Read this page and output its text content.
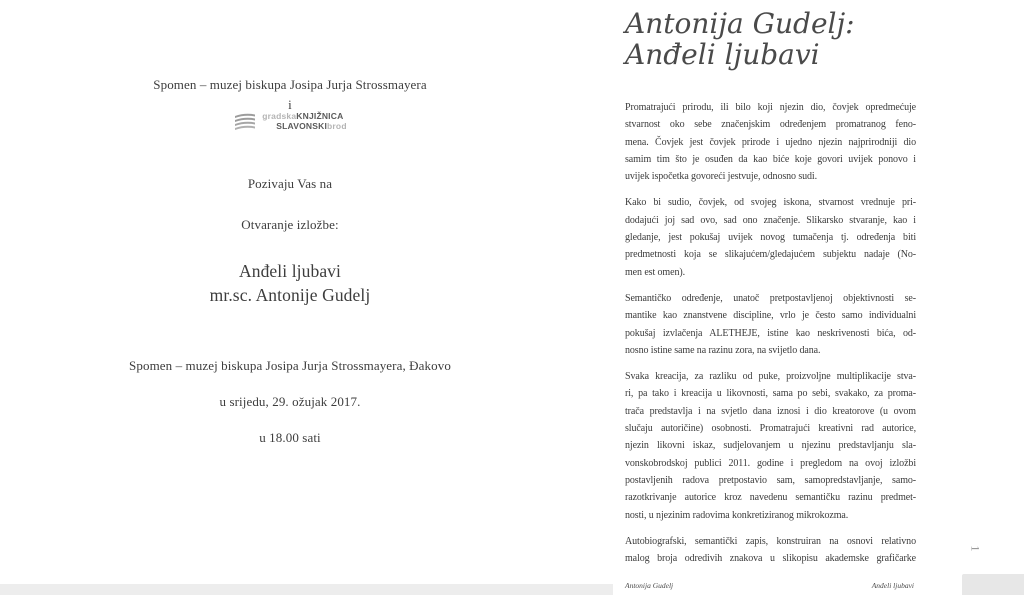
Spomen – muzej biskupa Josipa Jurja Strossmayera
i
gradskaKNJIŽNICA
SLAVONSKIbrod
Pozivaju Vas na
Otvaranje izložbe:
Anđeli ljubavi
mr.sc. Antonije Gudelj
Spomen – muzej biskupa Josipa Jurja Strossmayera, Đakovo
u srijedu, 29. ožujak 2017.
u 18.00 sati
Antonija Gudelj:
Anđeli ljubavi
Promatrajući prirodu, ili bilo koji njezin dio, čovjek opredmećuje
stvarnost oko sebe značenjskim određenjem promatranog feno-
mena. Čovjek jest čovjek prirode i ujedno njezin najprirodniji dio
samim tim što je osuđen da kao biće koje govori uvijek ponovo i
uvijek ispočetka govoreći jestvuje, odnosno sudi.
Kako bi sudio, čovjek, od svojeg iskona, stvarnost vrednuje pri-
dodajući joj sad ovo, sad ono značenje. Slikarsko stvaranje, kao i
gledanje, jest pokušaj uvijek novog tumačenja tj. određenja biti
predmetnosti koja se slikajućem/gledajućem subjektu nadaje (No-
men est omen).
Semantičko određenje, unatoč pretpostavljenoj objektivnosti se-
mantike kao znanstvene discipline, vrlo je često samo individualni
pokušaj izvlačenja ALETHEJE, istine kao neskrivenosti bića, od-
nosno istine same na razinu zora, na svijetlo dana.
Svaka kreacija, za razliku od puke, proizvoljne multiplikacije stva-
ri, pa tako i kreacija u likovnosti, sama po sebi, svakako, za proma-
trača predstavlja i na svjetlo dana iznosi i dio kreatorove (u ovom
slučaju autoričine) osobnosti. Promatrajući kreativni rad autorice,
njezin likovni iskaz, sudjelovanjem u njezinu predstavljanju sla-
vonskobrodskoj publici 2011. godine i pregledom na ovoj izložbi
postavljenih radova pretpostavio sam, samopredstavljanje, samo-
razotkrivanje autorice kroz navedenu semantičku razinu predmet-
nosti, u njezinim radovima konkretiziranog mikrokozma.
Autobiografski, semantički zapis, konstruiran na osnovi relativno
malog broja odredivih znakova u slikopisu akademske grafičarke
Antonija Gudelj	Anđeli ljubavi
1
